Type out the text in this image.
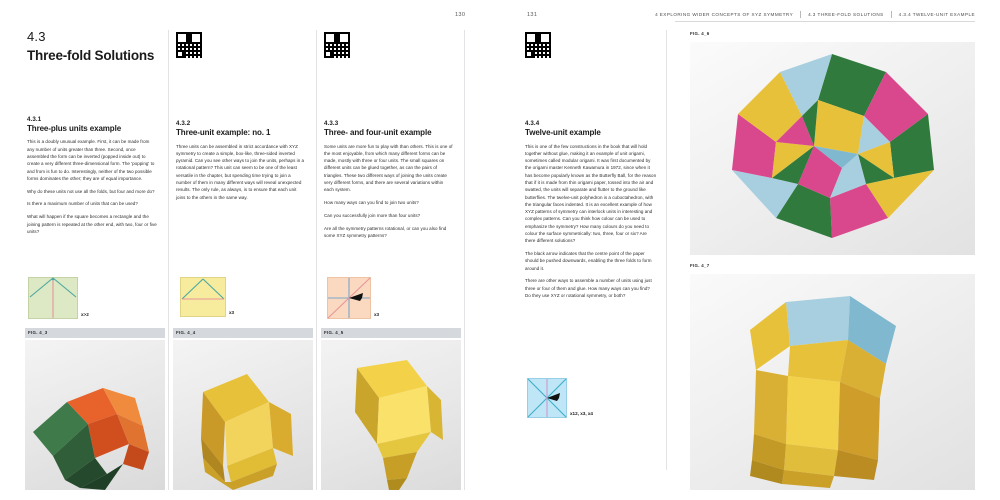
130
4.3
Three-fold Solutions
4.3.1
Three-plus units example
This is a doubly unusual example. First, it can be made from any number of units greater than three. Second, once assembled the form can be inverted (popped inside out) to create a very different three-dimensional form. The 'popping' to and from is fun to do. Interestingly, neither of the two possible forms dominates the other; they are of equal importance.
Why do these units not use all the folds, but four and more do?
Is there a maximum number of units that can be used?
What will happen if the square becomes a rectangle and the joining pattern is repeated at the other end, with two, four or five units?
x>2
FIG. 4_3
4.3.2
Three-unit example: no. 1
Three units can be assembled in strict accordance with XYZ symmetry to create a simple, box-like, three-sided inverted pyramid. Can you see other ways to join the units, perhaps in a rotational pattern? This unit can seem to be one of the least versatile in the chapter, but spending time trying to join a number of them in many different ways will reveal unexpected results. The only rule, as always, is to ensure that each unit joins to the others in the same way.
x3
FIG. 4_4
4.3.3
Three- and four-unit example
Some units are more fun to play with than others. This is one of the most enjoyable, from which many different forms can be made, mostly with three or four units. The small squares on different units can be glued together, as can the pairs of triangles. These two different ways of joining the units create very different forms, and there are several variations within each system.
How many ways can you find to join two units?
Can you successfully join more than four units?
Are all the symmetry patterns rotational, or can you also find some XYZ symmetry patterns?
x3
FIG. 4_5
131	4 EXPLORING WIDER CONCEPTS OF XYZ SYMMETRY	4.3 THREE-FOLD SOLUTIONS	4.3.4 TWELVE-UNIT EXAMPLE
4.3.4
Twelve-unit example
This is one of the few constructions in the book that will hold together without glue, making it an example of unit origami, sometimes called modular origami. It was first documented by the origami master Kenneth Kawamura in 1972, since when it has become popularly known as the Butterfly Ball, for the reason that if it is made from thin origami paper, tossed into the air and swatted, the units will separate and flutter to the ground like butterflies. The twelve-unit polyhedron is a cuboctahedron, with the triangular faces indented. It is an excellent example of how XYZ patterns of symmetry can interlock units in interesting and complex patterns. Can you think how colour can be used to emphasize the symmetry? How many colours do you need to colour the surface symmetrically: two, three, four or six? Are there different solutions?
The black arrow indicates that the centre point of the paper should be pushed downwards, enabling the three folds to form around it.
There are other ways to assemble a number of units using just three or four of them and glue. How many ways can you find? Do they use XYZ or rotational symmetry, or both?
x12, x3, x4
FIG. 4_6
FIG. 4_7
